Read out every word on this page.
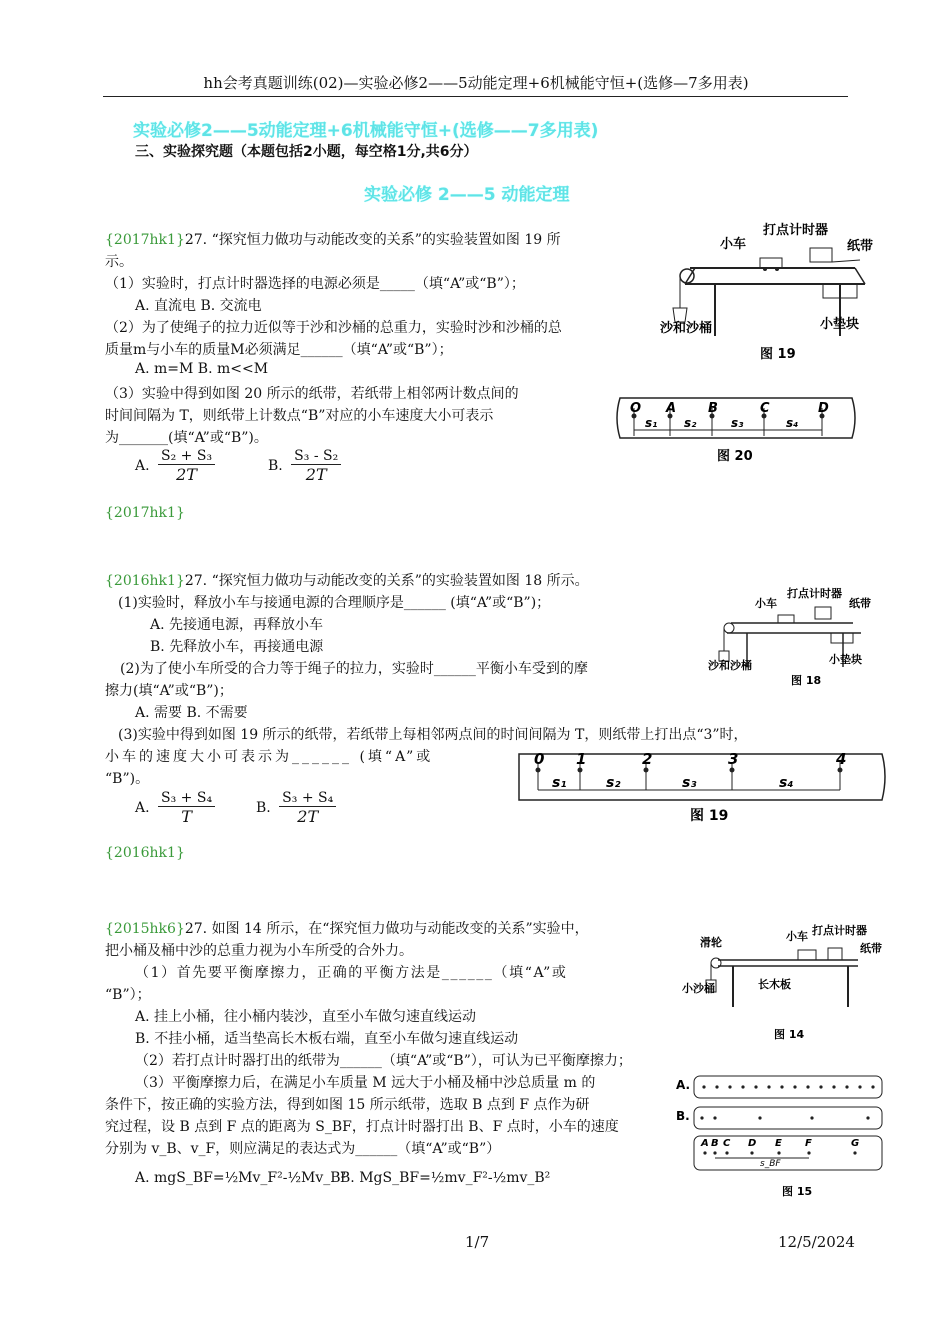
hh会考真题训练(02)—实验必修2——5动能定理+6机械能守恒+(选修—7多用表)
实验必修2——5动能定理+6机械能守恒+(选修——7多用表)
三、实验探究题（本题包括2小题，每空格1分,共6分）
实验必修 2——5 动能定理
{2017hk1}27. “探究恒力做功与动能改变的关系”的实验装置如图 19 所
示。
（1）实验时，打点计时器选择的电源必须是_____（填“A”或“B”）；
A. 直流电 B. 交流电
（2）为了使绳子的拉力近似等于沙和沙桶的总重力，实验时沙和沙桶的总
质量m与小车的质量M必须满足______（填“A”或“B”）；
A. m=M B. m<<M
（3）实验中得到如图 20 所示的纸带，若纸带上相邻两计数点间的
时间间隔为 T，则纸带上计数点“B”对应的小车速度大小可表示
为_______(填“A”或“B”)。
A. $\frac{\text{S₂ + S₃}}{2T}$	B. $\frac{\text{S₃ - S₂}}{2T}$
{2017hk1}
小车
打点计时器
纸带
沙和沙桶	小垫块
图 19
O A B	C	D
s₁ s₂	s₃	s₄
图 20
{2016hk1}27. “探究恒力做功与动能改变的关系”的实验装置如图 18 所示。
(1)实验时，释放小车与接通电源的合理顺序是______ (填“A”或“B”)；
A. 先接通电源，再释放小车
B. 先释放小车，再接通电源
(2)为了使小车所受的合力等于绳子的拉力，实验时______平衡小车受到的摩
擦力(填“A”或“B”)；
A. 需要 B. 不需要
(3)实验中得到如图 19 所示的纸带，若纸带上每相邻两点间的时间间隔为 T，则纸带上打出点“3”时，
小车的速度大小可表示为______ (填“A”或
“B”)。
A. $\frac{\text{S₃ + S₄}}{T}$	B. $\frac{\text{S₃ + S₄}}{2T}$
{2016hk1}
小车
打点计时器
纸带
沙和沙桶	小垫块
图 18
0 1	2	3	4
s₁	s₂	s₃	s₄
图 19
{2015hk6}27. 如图 14 所示，在“探究恒力做功与动能改变的关系”实验中，
把小桶及桶中沙的总重力视为小车所受的合外力。
（1）首先要平衡摩擦力，正确的平衡方法是______（填“A”或
“B”）；
A. 挂上小桶，往小桶内装沙，直至小车做匀速直线运动
B. 不挂小桶，适当垫高长木板右端，直至小车做匀速直线运动
（2）若打点计时器打出的纸带为______（填“A”或“B”），可认为已平衡摩擦力；
（3）平衡摩擦力后，在满足小车质量 M 远大于小桶及桶中沙总质量 m 的
条件下，按正确的实验方法，得到如图 15 所示纸带，选取 B 点到 F 点作为研
究过程，设 B 点到 F 点的距离为 S_BF，打点计时器打出 B、F 点时，小车的速度
分别为 v_B、v_F，则应满足的表达式为______（填“A”或“B”）
A. mgS_BF=½Mv_F²-½Mv_B²
B. MgS_BF=½mv_F²-½mv_B²
滑轮	小车 打点计时器
纸带
长木板
小沙桶
图 14
A.
B.
A B C D E F	G
s_BF
图 15
1/7	12/5/2024
